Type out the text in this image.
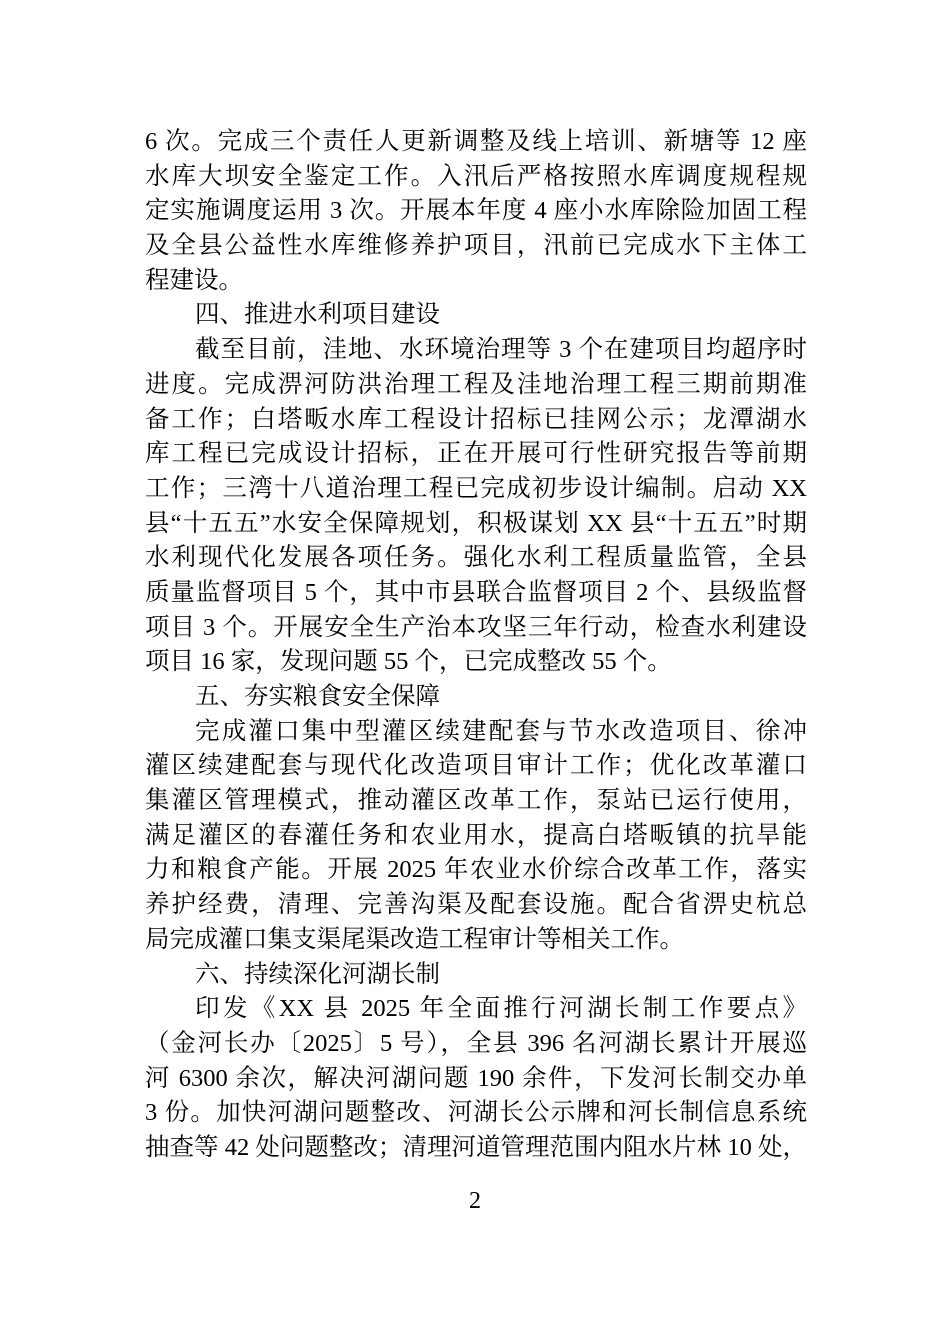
6 次。完成三个责任人更新调整及线上培训、新塘等 12 座
水库大坝安全鉴定工作。入汛后严格按照水库调度规程规
定实施调度运用 3 次。开展本年度 4 座小水库除险加固工程
及全县公益性水库维修养护项目，汛前已完成水下主体工
程建设。
四、推进水利项目建设
截至目前，洼地、水环境治理等 3 个在建项目均超序时
进度。完成淠河防洪治理工程及洼地治理工程三期前期准
备工作；白塔畈水库工程设计招标已挂网公示；龙潭湖水
库工程已完成设计招标，正在开展可行性研究报告等前期
工作；三湾十八道治理工程已完成初步设计编制。启动 XX
县“十五五”水安全保障规划，积极谋划 XX 县“十五五”时期
水利现代化发展各项任务。强化水利工程质量监管，全县
质量监督项目 5 个，其中市县联合监督项目 2 个、县级监督
项目 3 个。开展安全生产治本攻坚三年行动，检查水利建设
项目 16 家，发现问题 55 个，已完成整改 55 个。
五、夯实粮食安全保障
完成灌口集中型灌区续建配套与节水改造项目、徐冲
灌区续建配套与现代化改造项目审计工作；优化改革灌口
集灌区管理模式，推动灌区改革工作，泵站已运行使用，
满足灌区的春灌任务和农业用水，提高白塔畈镇的抗旱能
力和粮食产能。开展 2025 年农业水价综合改革工作，落实
养护经费，清理、完善沟渠及配套设施。配合省淠史杭总
局完成灌口集支渠尾渠改造工程审计等相关工作。
六、持续深化河湖长制
印发《XX 县 2025 年全面推行河湖长制工作要点》
（金河长办〔2025〕5 号），全县 396 名河湖长累计开展巡
河 6300 余次，解决河湖问题 190 余件，下发河长制交办单
3 份。加快河湖问题整改、河湖长公示牌和河长制信息系统
抽查等 42 处问题整改；清理河道管理范围内阻水片林 10 处，
2
